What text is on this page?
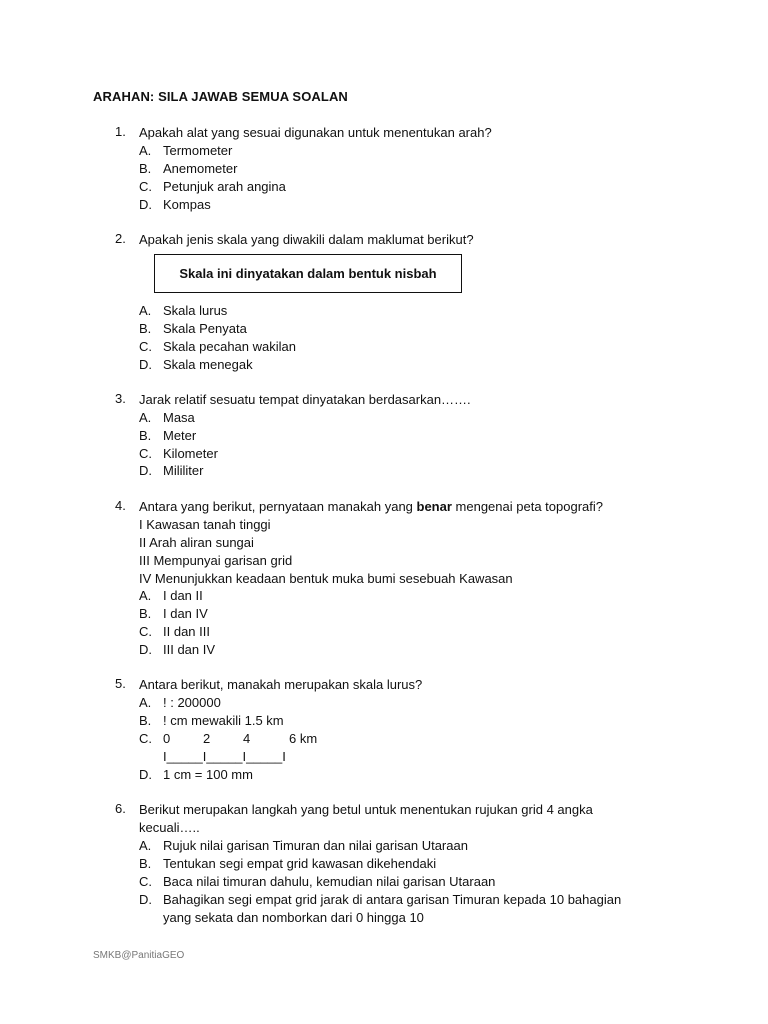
ARAHAN: SILA JAWAB SEMUA SOALAN
1. Apakah alat yang sesuai digunakan untuk menentukan arah?
A. Termometer
B. Anemometer
C. Petunjuk arah angina
D. Kompas
2. Apakah jenis skala yang diwakili dalam maklumat berikut?
Skala ini dinyatakan dalam bentuk nisbah
A. Skala lurus
B. Skala Penyata
C. Skala pecahan wakilan
D. Skala menegak
3. Jarak relatif sesuatu tempat dinyatakan berdasarkan…….
A. Masa
B. Meter
C. Kilometer
D. Mililiter
4. Antara yang berikut, pernyataan manakah yang benar mengenai peta topografi?
I Kawasan tanah tinggi
II Arah aliran sungai
III Mempunyai garisan grid
IV Menunjukkan keadaan bentuk muka bumi sesebuah Kawasan
A. I dan II
B. I dan IV
C. II dan III
D. III dan IV
5. Antara berikut, manakah merupakan skala lurus?
A. ! : 200000
B. ! cm mewakili 1.5 km
C. 0	2	4	6 km
I_____I_____I_____I
D. 1 cm = 100 mm
6. Berikut merupakan langkah yang betul untuk menentukan rujukan grid 4 angka
kecuali…..
A. Rujuk nilai garisan Timuran dan nilai garisan Utaraan
B. Tentukan segi empat grid kawasan dikehendaki
C. Baca nilai timuran dahulu, kemudian nilai garisan Utaraan
D. Bahagikan segi empat grid jarak di antara garisan Timuran kepada 10 bahagian
yang sekata dan nomborkan dari 0 hingga 10
SMKB@PanitiaGEO
